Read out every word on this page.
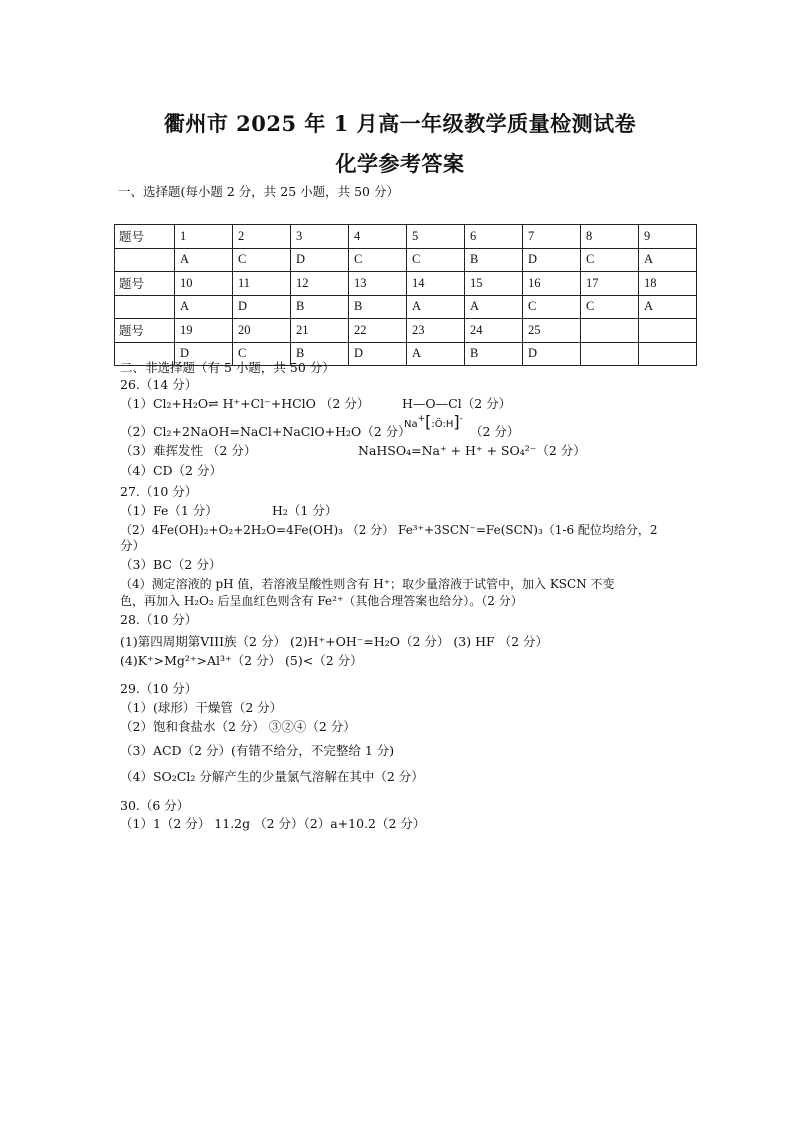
衢州市 2025 年 1 月高一年级教学质量检测试卷
化学参考答案
一、选择题(每小题 2 分，共 25 小题，共 50 分）
题号	1	2	3	4	5	6	7	8	9
	A	C	D	C	C	B	D	C	A
题号	10	11	12	13	14	15	16	17	18
	A	D	B	B	A	A	C	C	A
题号	19	20	21	22	23	24	25		
	D	C	B	D	A	B	D		
二、非选择题（有 5 小题，共 50 分）
26.（14 分）
（1）Cl₂+H₂O⇌ H⁺+Cl⁻+HClO （2 分）	H—O—Cl（2 分）
Na+[:Ö:H]-
（2）Cl₂+2NaOH=NaCl+NaClO+H₂O（2 分）	（2 分）
（3）难挥发性 （2 分）	NaHSO₄=Na⁺ + H⁺ + SO₄²⁻（2 分）
（4）CD（2 分）
27.（10 分）
（1）Fe（1 分）	H₂（1 分）
（2）4Fe(OH)₂+O₂+2H₂O=4Fe(OH)₃ （2 分） Fe³⁺+3SCN⁻=Fe(SCN)₃（1-6 配位均给分，2
分）
（3）BC（2 分）
（4）测定溶液的 pH 值，若溶液呈酸性则含有 H⁺；取少量溶液于试管中，加入 KSCN 不变
色，再加入 H₂O₂ 后呈血红色则含有 Fe²⁺（其他合理答案也给分）。（2 分）
28.（10 分）
(1)第四周期第VIII族（2 分） (2)H⁺+OH⁻=H₂O（2 分） (3) HF （2 分）
(4)K⁺>Mg²⁺>Al³⁺（2 分） (5)<（2 分）
29.（10 分）
（1）(球形）干燥管（2 分）
（2）饱和食盐水（2 分） ③②④（2 分）
（3）ACD（2 分）(有错不给分，不完整给 1 分)
（4）SO₂Cl₂ 分解产生的少量氯气溶解在其中（2 分）
30.（6 分）
（1）1（2 分） 11.2g （2 分）（2）a+10.2（2 分）
